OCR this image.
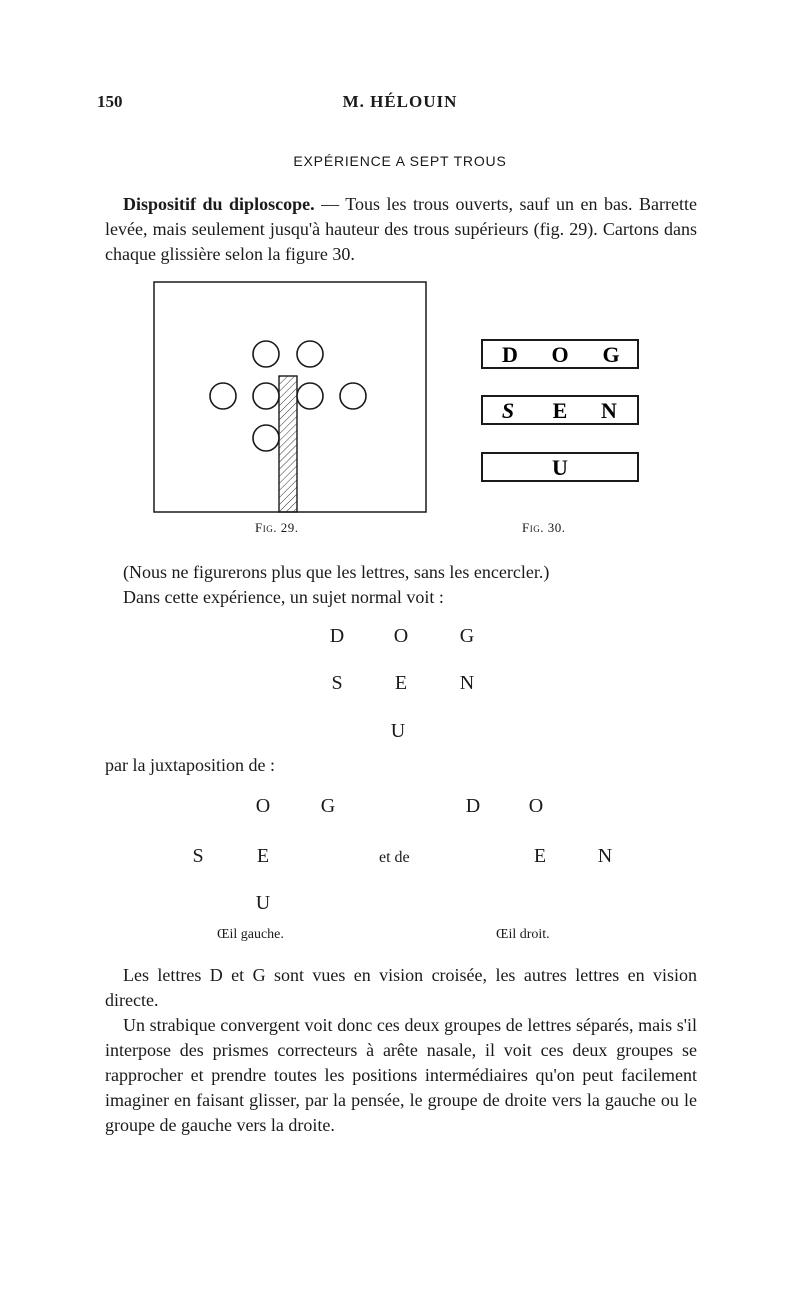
150	M. HÉLOUIN
EXPÉRIENCE A SEPT TROUS

Dispositif du diploscope. — Tous les trous ouverts, sauf un en bas. Barrette levée, mais seulement jusqu'à hauteur des trous supérieurs (fig. 29). Cartons dans chaque glissière selon la figure 30.

Fig. 29.
D O G
S E N
U
Fig. 30.

(Nous ne figurerons plus que les lettres, sans les encercler.)

Dans cette expérience, un sujet normal voit :

D	O	G
S	E	N
U
par la juxtaposition de :
O	G
S	E
U
Œil gauche.
et de
D	O
E	N
Œil droit.

Les lettres D et G sont vues en vision croisée, les autres lettres en vision directe.

Un strabique convergent voit donc ces deux groupes de lettres séparés, mais s'il interpose des prismes correcteurs à arête nasale, il voit ces deux groupes se rapprocher et prendre toutes les positions intermédiaires qu'on peut facilement imaginer en faisant glisser, par la pensée, le groupe de droite vers la gauche ou le groupe de gauche vers la droite.
